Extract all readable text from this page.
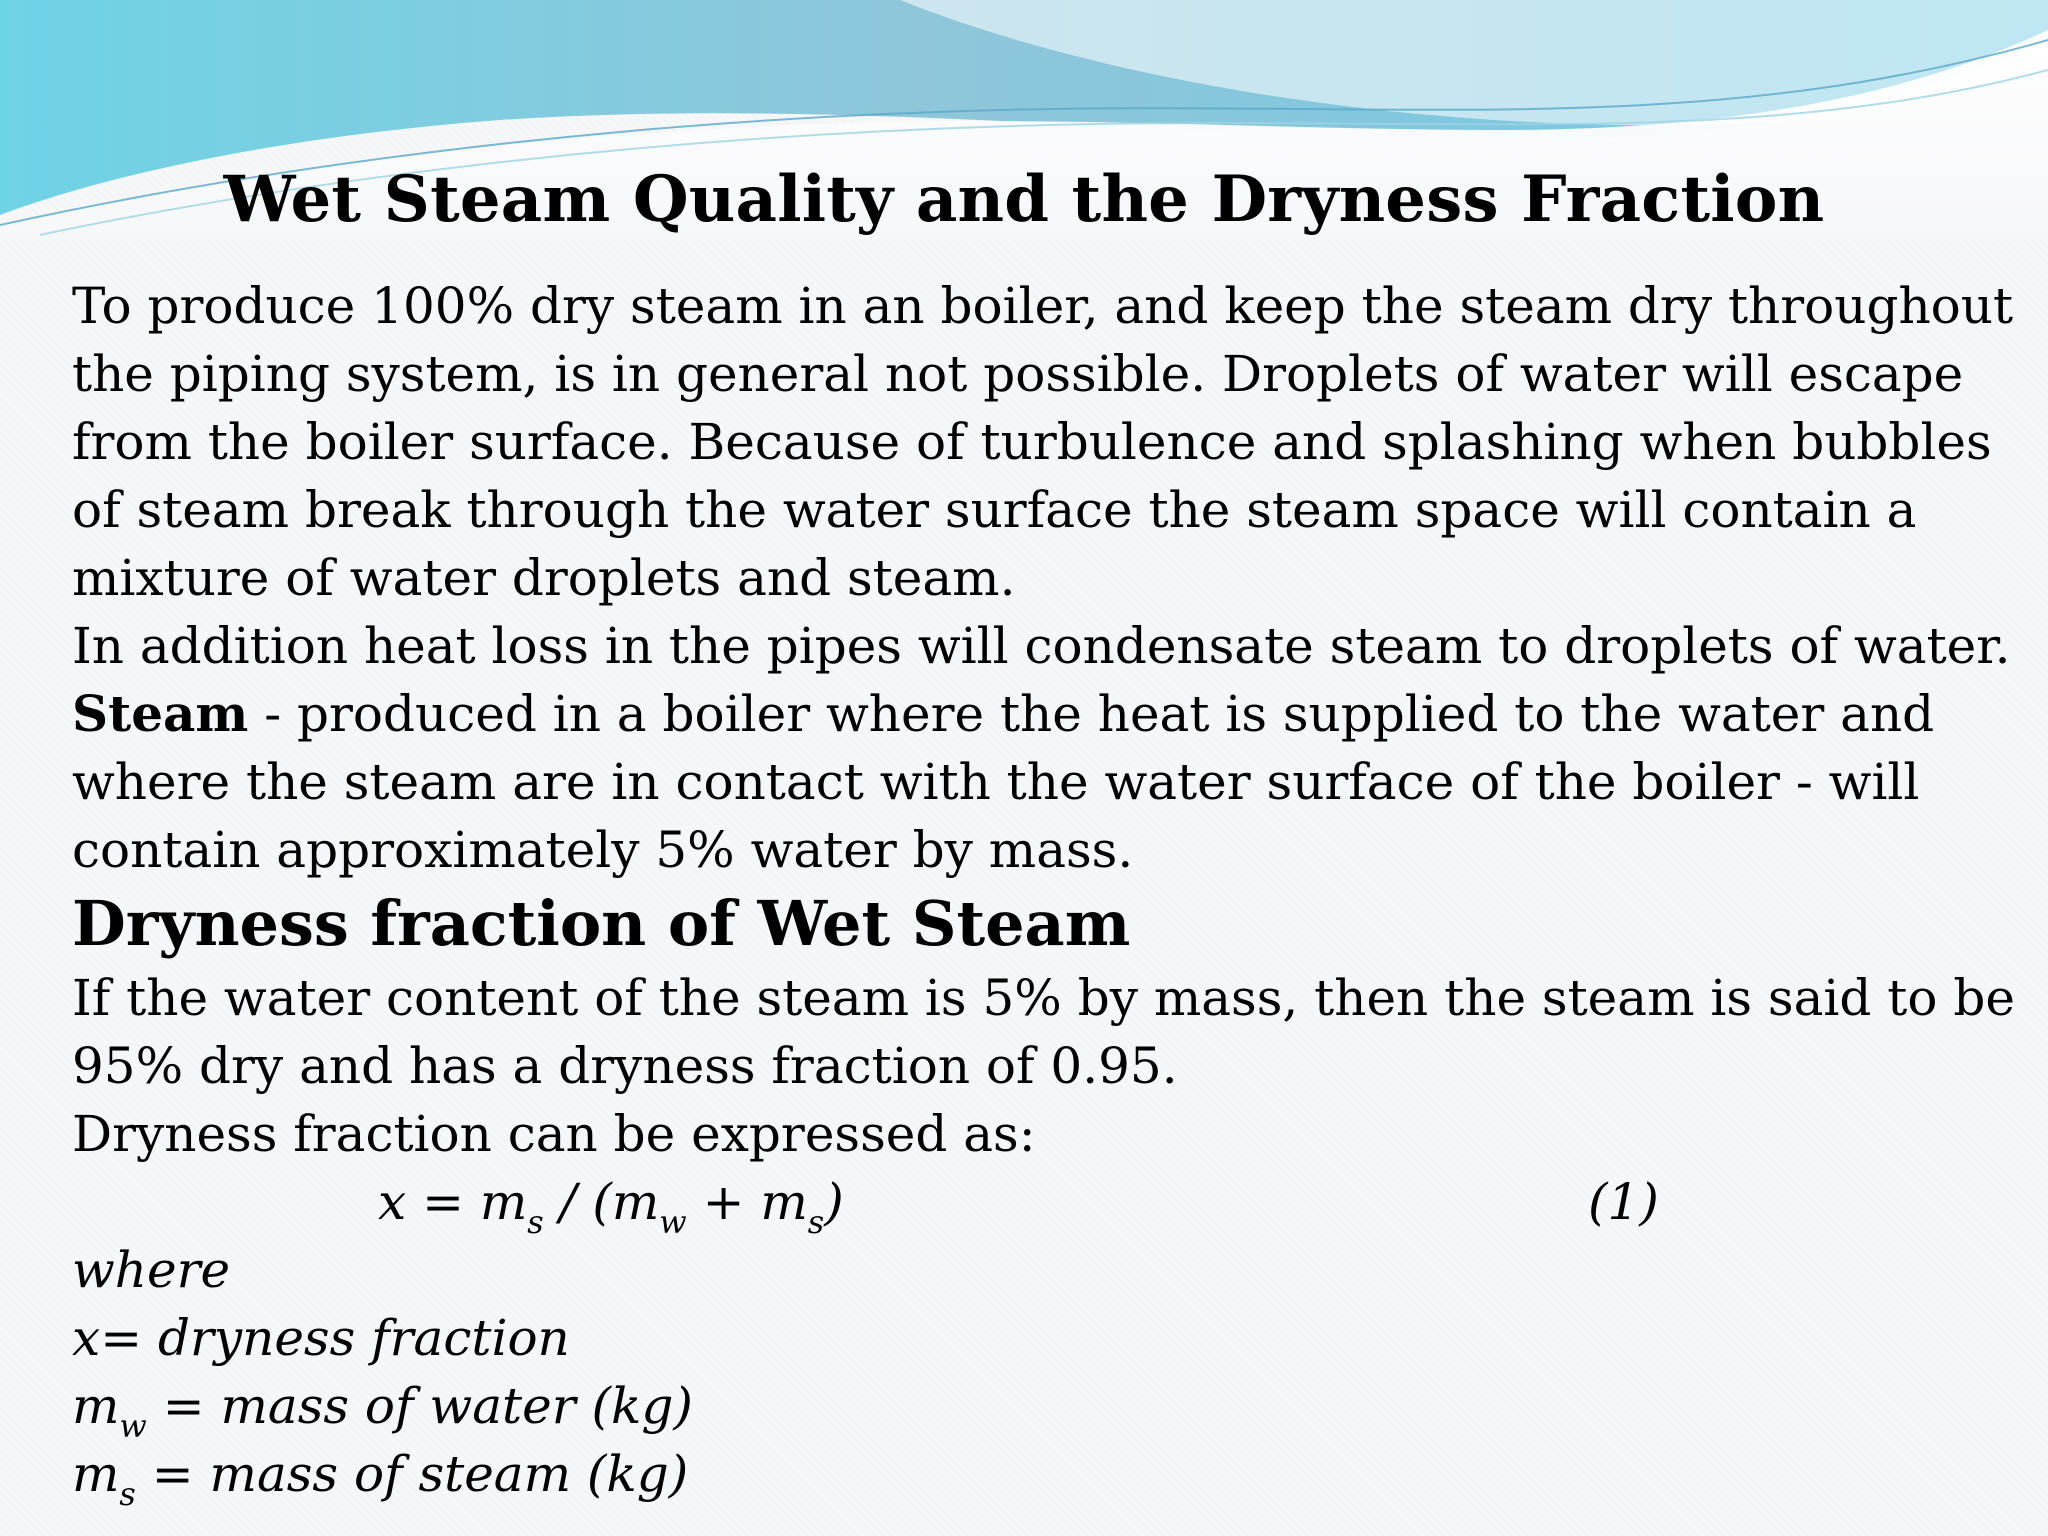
Wet Steam Quality and the Dryness Fraction

To produce 100% dry steam in an boiler, and keep the steam dry throughout

the piping system, is in general not possible. Droplets of water will escape

from the boiler surface. Because of turbulence and splashing when bubbles

of steam break through the water surface the steam space will contain a

mixture of water droplets and steam.

In addition heat loss in the pipes will condensate steam to droplets of water.

Steam - produced in a boiler where the heat is supplied to the water and

where the steam are in contact with the water surface of the boiler - will

contain approximately 5% water by mass.

Dryness fraction of Wet Steam

If the water content of the steam is 5% by mass, then the steam is said to be

95% dry and has a dryness fraction of 0.95.

Dryness fraction can be expressed as:

$x = m_s / (m_w + m_s)$	(1)

where

x= dryness fraction

$m_w$ = mass of water (kg)

$m_s$ = mass of steam (kg)
